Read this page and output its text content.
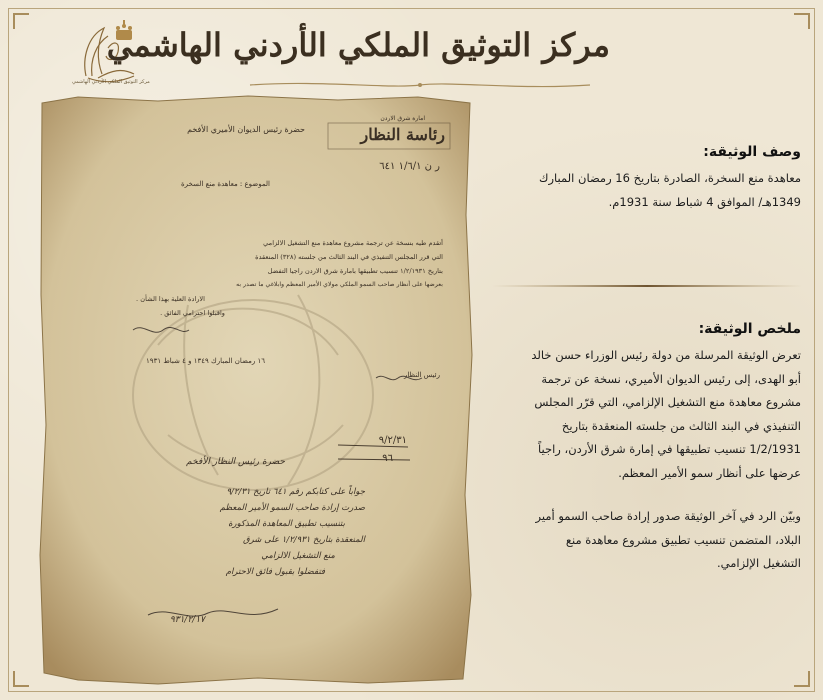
مركز التوثيق الملكي الأردني الهاشمي
مركز التوثيق الملكي الأردني الهاشمي
امارة شرق الاردن
رئاسة النظار
حضرة رئيس الديوان الأميري الأفخم
ر ن ١/٦/١ ٦٤١
الموضوع : معاهدة منع السخرة
أتقدم طيه بنسخة عن ترجمة مشروع معاهدة منع التشغيل الالزامي
التي قرر المجلس التنفيذي في البند الثالث من جلسته (٣٢٨) المنعقدة
بتاريخ ١/٢/١٩٣١ تنسيب تطبيقها بامارة شرق الاردن راجيا التفضل
بعرضها على أنظار صاحب السمو الملكي مولاي الأمير المعظم وابلاغي ما تصدر به
الارادة العلية بهذا الشأن .
واقبلوا احترامي الفائق .
١٦ رمضان المبارك ١٣٤٩ و ٤ شباط ١٩٣١
رئيس النظار
٩/٢/٣١
٩٦
حضرة رئيس النظار الأفخم
جواباً على كتابكم رقم ٦٤١ تاريخ ٩/٢/٣١
صدرت إرادة صاحب السمو الأمير المعظم
بتنسيب تطبيق المعاهدة المذكورة
المنعقدة بتاريخ ١/٢/٩٣١ على شرق
منع التشغيل الالزامي
فتفضلوا بقبول فائق الاحترام
٩٣١/٢/١٧
وصف الوثيقة:
معاهدة منع السخرة، الصادرة بتاريخ 16 رمضان المبارك
1349هـ/ الموافق 4 شباط سنة 1931م.
ملخص الوثيقة:
تعرض الوثيقة المرسلة من دولة رئيس الوزراء حسن خالد
أبو الهدى، إلى رئيس الديوان الأميري، نسخة عن ترجمة
مشروع معاهدة منع التشغيل الإلزامي، التي قرّر المجلس
التنفيذي في البند الثالث من جلسته المنعقدة بتاريخ
1/2/1931 تنسيب تطبيقها في إمارة شرق الأردن، راجياً
عرضها على أنظار سمو الأمير المعظم.
وبيّن الرد في آخر الوثيقة صدور إرادة صاحب السمو أمير
البلاد، المتضمن تنسيب تطبيق مشروع معاهدة منع
التشغيل الإلزامي.
